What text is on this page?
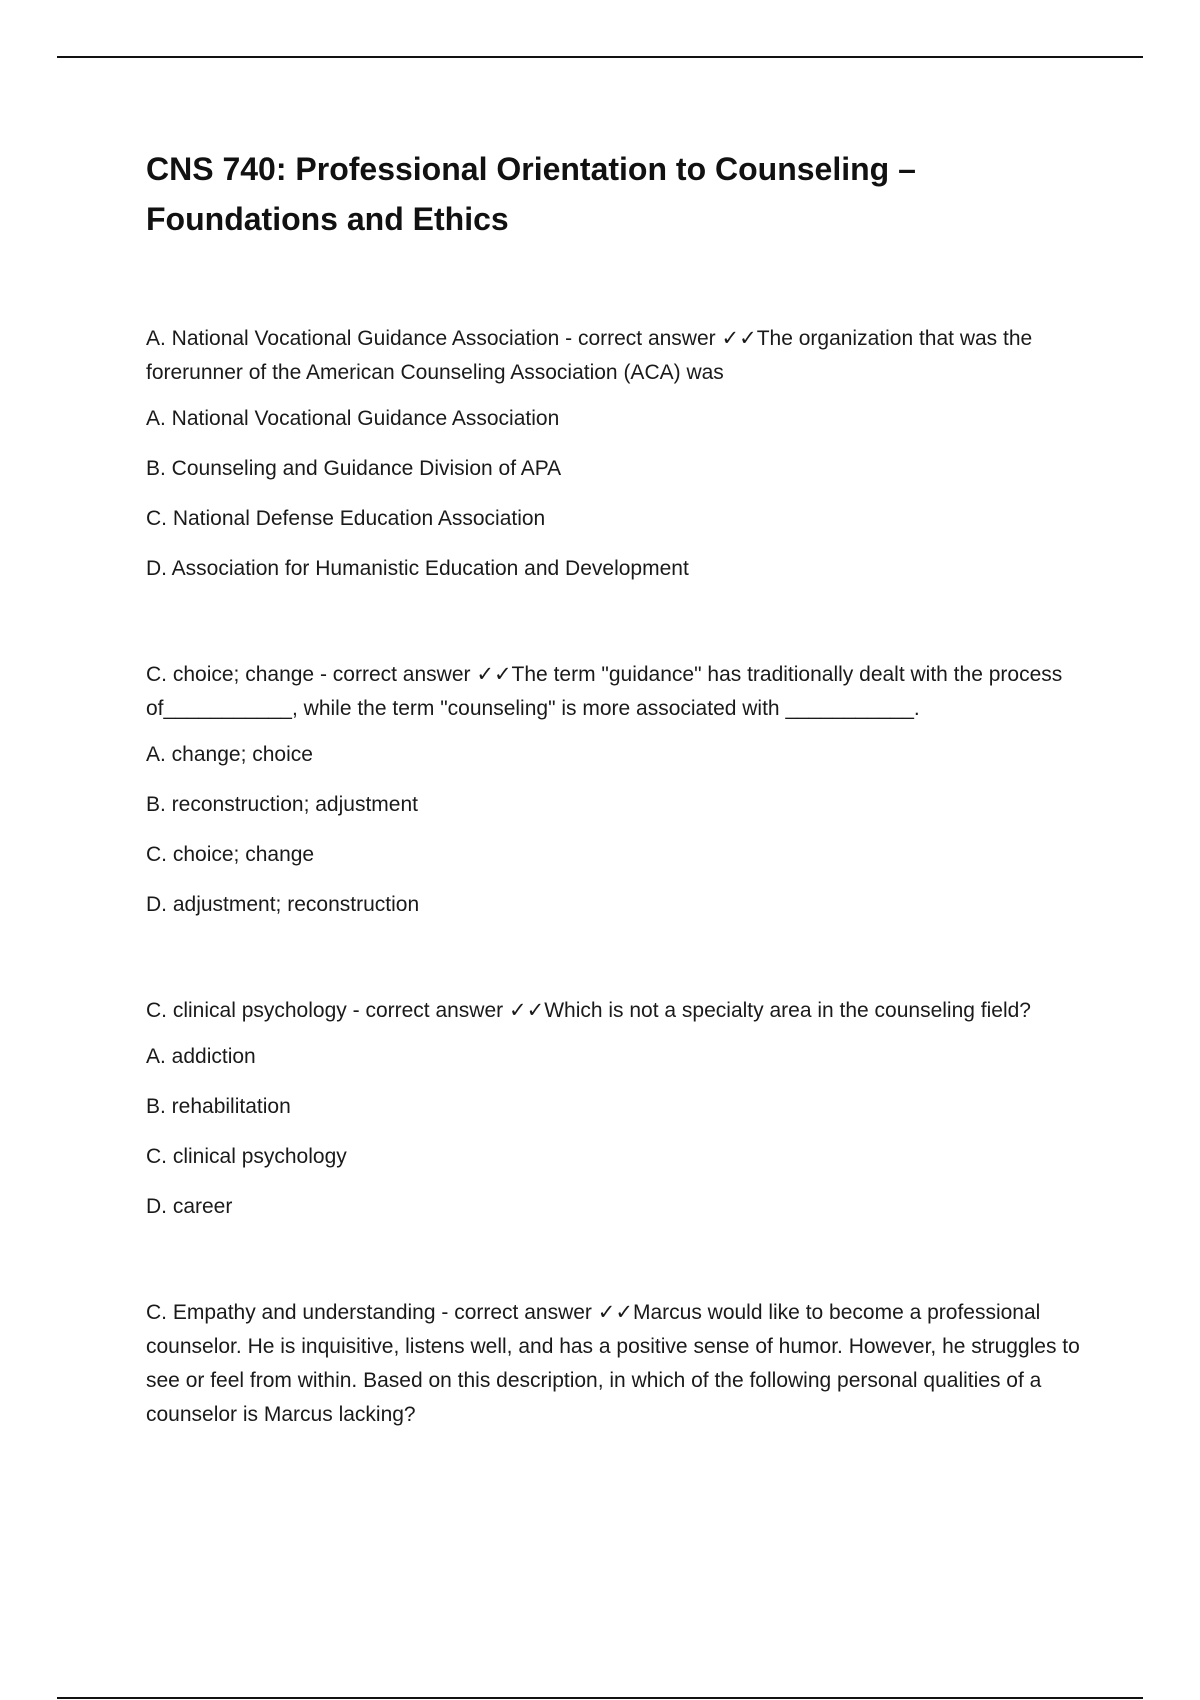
CNS 740: Professional Orientation to Counseling – Foundations and Ethics

A. National Vocational Guidance Association - correct answer ✓✓The organization that was the forerunner of the American Counseling Association (ACA) was

A. National Vocational Guidance Association
B. Counseling and Guidance Division of APA
C. National Defense Education Association
D. Association for Humanistic Education and Development

C. choice; change - correct answer ✓✓The term "guidance" has traditionally dealt with the process of___________, while the term "counseling" is more associated with ___________.

A. change; choice
B. reconstruction; adjustment
C. choice; change
D. adjustment; reconstruction

C. clinical psychology - correct answer ✓✓Which is not a specialty area in the counseling field?

A. addiction
B. rehabilitation
C. clinical psychology
D. career

C. Empathy and understanding - correct answer ✓✓Marcus would like to become a professional counselor. He is inquisitive, listens well, and has a positive sense of humor. However, he struggles to see or feel from within. Based on this description, in which of the following personal qualities of a counselor is Marcus lacking?
